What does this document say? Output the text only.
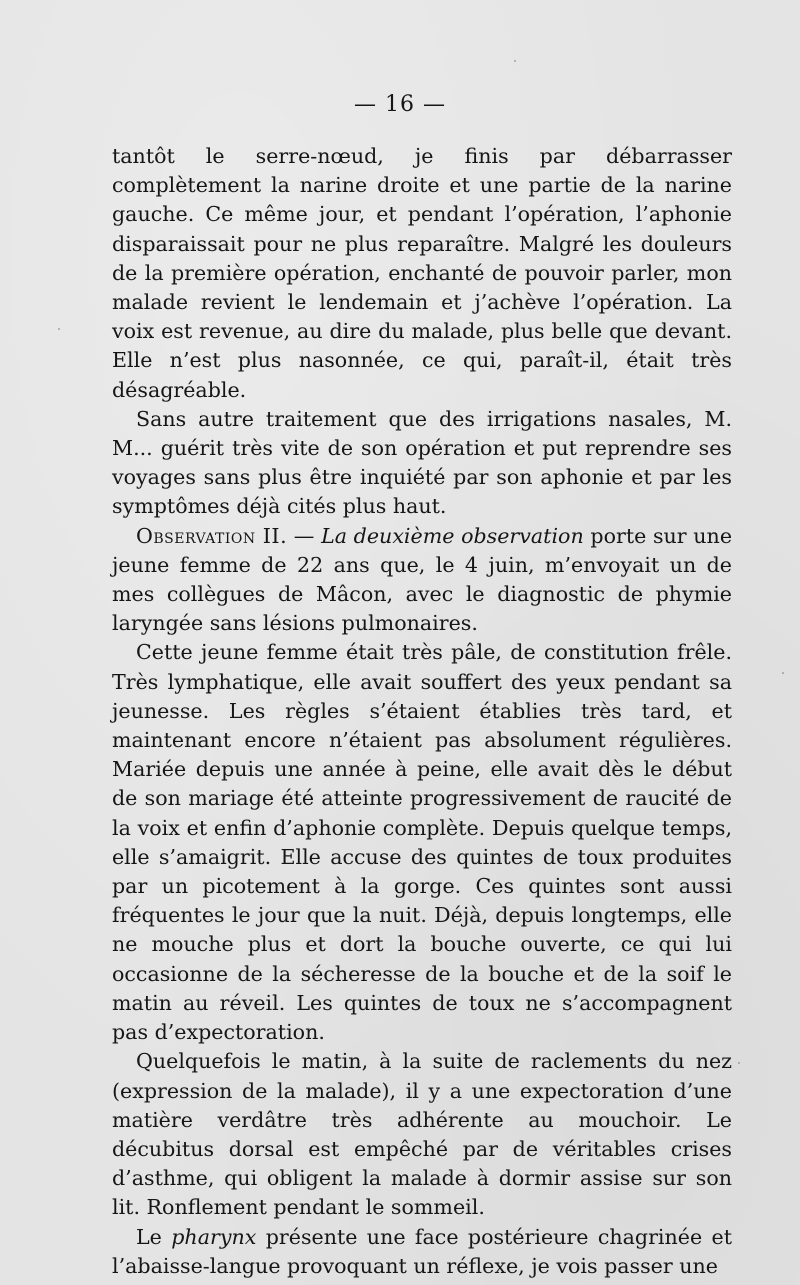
— 16 —

tantôt le serre-nœud, je finis par débarrasser complètement la narine droite et une partie de la narine gauche. Ce même jour, et pendant l’opération, l’aphonie disparaissait pour ne plus reparaître. Malgré les douleurs de la première opération, enchanté de pouvoir parler, mon malade revient le lendemain et j’achève l’opération. La voix est revenue, au dire du malade, plus belle que devant. Elle n’est plus nasonnée, ce qui, paraît-il, était très désagréable.

Sans autre traitement que des irrigations nasales, M. M... guérit très vite de son opération et put reprendre ses voyages sans plus être inquiété par son aphonie et par les symptômes déjà cités plus haut.

Observation II. — La deuxième observation porte sur une jeune femme de 22 ans que, le 4 juin, m’envoyait un de mes collègues de Mâcon, avec le diagnostic de phymie laryngée sans lésions pulmonaires.

Cette jeune femme était très pâle, de constitution frêle. Très lymphatique, elle avait souffert des yeux pendant sa jeunesse. Les règles s’étaient établies très tard, et maintenant encore n’étaient pas absolument régulières. Mariée depuis une année à peine, elle avait dès le début de son mariage été atteinte progressivement de raucité de la voix et enfin d’aphonie complète. Depuis quelque temps, elle s’amaigrit. Elle accuse des quintes de toux produites par un picotement à la gorge. Ces quintes sont aussi fréquentes le jour que la nuit. Déjà, depuis longtemps, elle ne mouche plus et dort la bouche ouverte, ce qui lui occasionne de la sécheresse de la bouche et de la soif le matin au réveil. Les quintes de toux ne s’accompagnent pas d’expectoration.

Quelquefois le matin, à la suite de raclements du nez (expression de la malade), il y a une expectoration d’une matière verdâtre très adhérente au mouchoir. Le décubitus dorsal est empêché par de véritables crises d’asthme, qui obligent la malade à dormir assise sur son lit. Ronflement pendant le sommeil.

Le pharynx présente une face postérieure chagrinée et l’abaisse-langue provoquant un réflexe, je vois passer une
